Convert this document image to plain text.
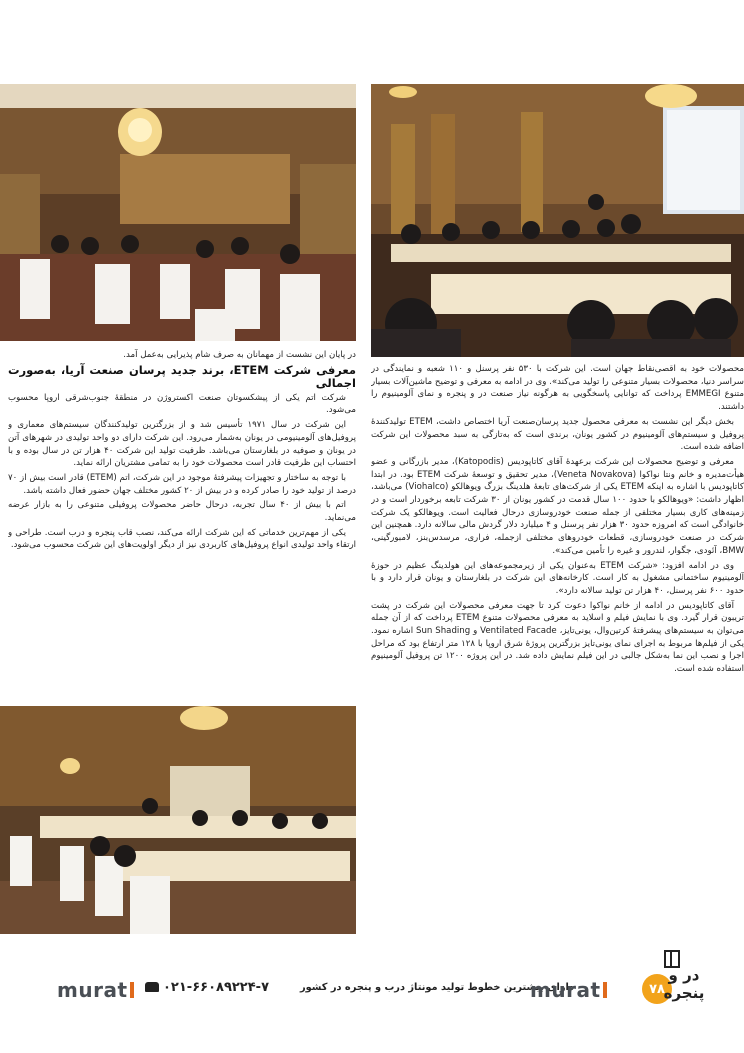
محصولات خود به اقصی‌نقاط جهان است. این شرکت با ۵۳۰ نفر پرسنل و ۱۱۰ شعبه و نمایندگی در سراسر دنیا، محصولات بسیار متنوعی را تولید می‌کند». وی در ادامه به معرفی و توضیح ماشین‌آلات بسیار متنوع EMMEGI پرداخت که توانایی پاسخگویی به هرگونه نیاز صنعت در و پنجره و نمای آلومینیوم را داشتند.

بخش دیگر این نشست به معرفی محصول جدید پرسان‌صنعت آریا اختصاص داشت، ETEM تولیدکنندهٔ پروفیل و سیستم‌های آلومینیوم در کشور یونان، برندی است که به‌تازگی به سبد محصولات این شرکت اضافه شده است.

معرفی و توضیح محصولات این شرکت برعهدهٔ آقای کاتاپودیس (Katopodis)، مدیر بازرگانی و عضو هیأت‌مدیره و خانم ونتا نواکوا (Veneta Novakova)، مدیر تحقیق و توسعهٔ شرکت ETEM بود. در ابتدا کاتاپودیس با اشاره به اینکه ETEM یکی از شرکت‌های تابعهٔ هلدینگ بزرگ ویوهالکو (Viohalco) می‌باشد، اظهار داشت: «ویوهالکو با حدود ۱۰۰ سال قدمت در کشور یونان از ۳۰ شرکت تابعه برخوردار است و در زمینه‌های کاری بسیار مختلفی از جمله صنعت خودروسازی درحال فعالیت است. ویوهالکو یک شرکت خانوادگی است که امروزه حدود ۳۰ هزار نفر پرسنل و ۴ میلیارد دلار گردش مالی سالانه دارد. همچنین این شرکت در صنعت خودروسازی، قطعات خودروهای مختلفی ازجمله، فراری، مرسدس‌بنز، لامبورگینی، BMW، آئودی، جگوار، لندرور و غیره را تأمین می‌کند».

وی در ادامه افزود: «شرکت ETEM به‌عنوان یکی از زیرمجموعه‌های این هولدینگ عظیم در حوزهٔ آلومینیوم ساختمانی مشغول به کار است. کارخانه‌های این شرکت در بلغارستان و یونان قرار دارد و با حدود ۶۰۰ نفر پرسنل، ۴۰ هزار تن تولید سالانه دارد».

آقای کاتاپودیس در ادامه از خانم نواکوا دعوت کرد تا جهت معرفی محصولات این شرکت در پشت تریبون قرار گیرد. وی با نمایش فیلم و اسلاید به معرفی محصولات متنوع ETEM پرداخت که از آن جمله می‌توان به سیستم‌های پیشرفتهٔ کرتین‌وال، یونی‌تایز، Ventilated Facade و Sun Shading اشاره نمود. یکی از فیلم‌ها مربوط به اجرای نمای یونی‌تایز بزرگترین پروژهٔ شرق اروپا با ۱۲۸ متر ارتفاع بود که مراحل اجرا و نصب این نما به‌شکل جالبی در این فیلم نمایش داده شد. در این پروژه ۱۲۰۰ تن پروفیل آلومینیوم استفاده شده است.

در پایان این نشست از مهمانان به صرف شام پذیرایی به‌عمل آمد.

معرفی شرکت ETEM، برند جدید پرسان صنعت آریا، به‌صورت اجمالی

شرکت اتم یکی از پیشکسوتان صنعت اکستروژن در منطقهٔ جنوب‌شرقی اروپا محسوب می‌شود.

این شرکت در سال ۱۹۷۱ تأسیس شد و از بزرگترین تولیدکنندگان سیستم‌های معماری و پروفیل‌های آلومینیومی در یونان به‌شمار می‌رود. این شرکت دارای دو واحد تولیدی در شهرهای آتن در یونان و صوفیه در بلغارستان می‌باشد. ظرفیت تولید این شرکت ۴۰ هزار تن در سال بوده و با احتساب این ظرفیت قادر است محصولات خود را به تمامی مشتریان ارائه نماید.

با توجه به ساختار و تجهیزات پیشرفتهٔ موجود در این شرکت، اتم (ETEM) قادر است بیش از ۷۰ درصد از تولید خود را صادر کرده و در بیش از ۲۰ کشور مختلف جهان حضور فعال داشته باشد.

اتم با بیش از ۴۰ سال تجربه، درحال حاضر محصولات پروفیلی متنوعی را به بازار عرضه می‌نماید.

یکی از مهم‌ترین خدماتی که این شرکت ارائه می‌کند، نصب قاب پنجره و درب است. طراحی و ارتقاء واحد تولیدی انواع پروفیل‌های کاربردی نیز از دیگر اولویت‌های این شرکت محسوب می‌شود.

murat	۰۲۱-۶۶۰۸۹۲۲۴-۷	دارای بیشترین خطوط تولید مونتاژ درب و پنجره در کشور
murat	۷۸
در و پنجره
